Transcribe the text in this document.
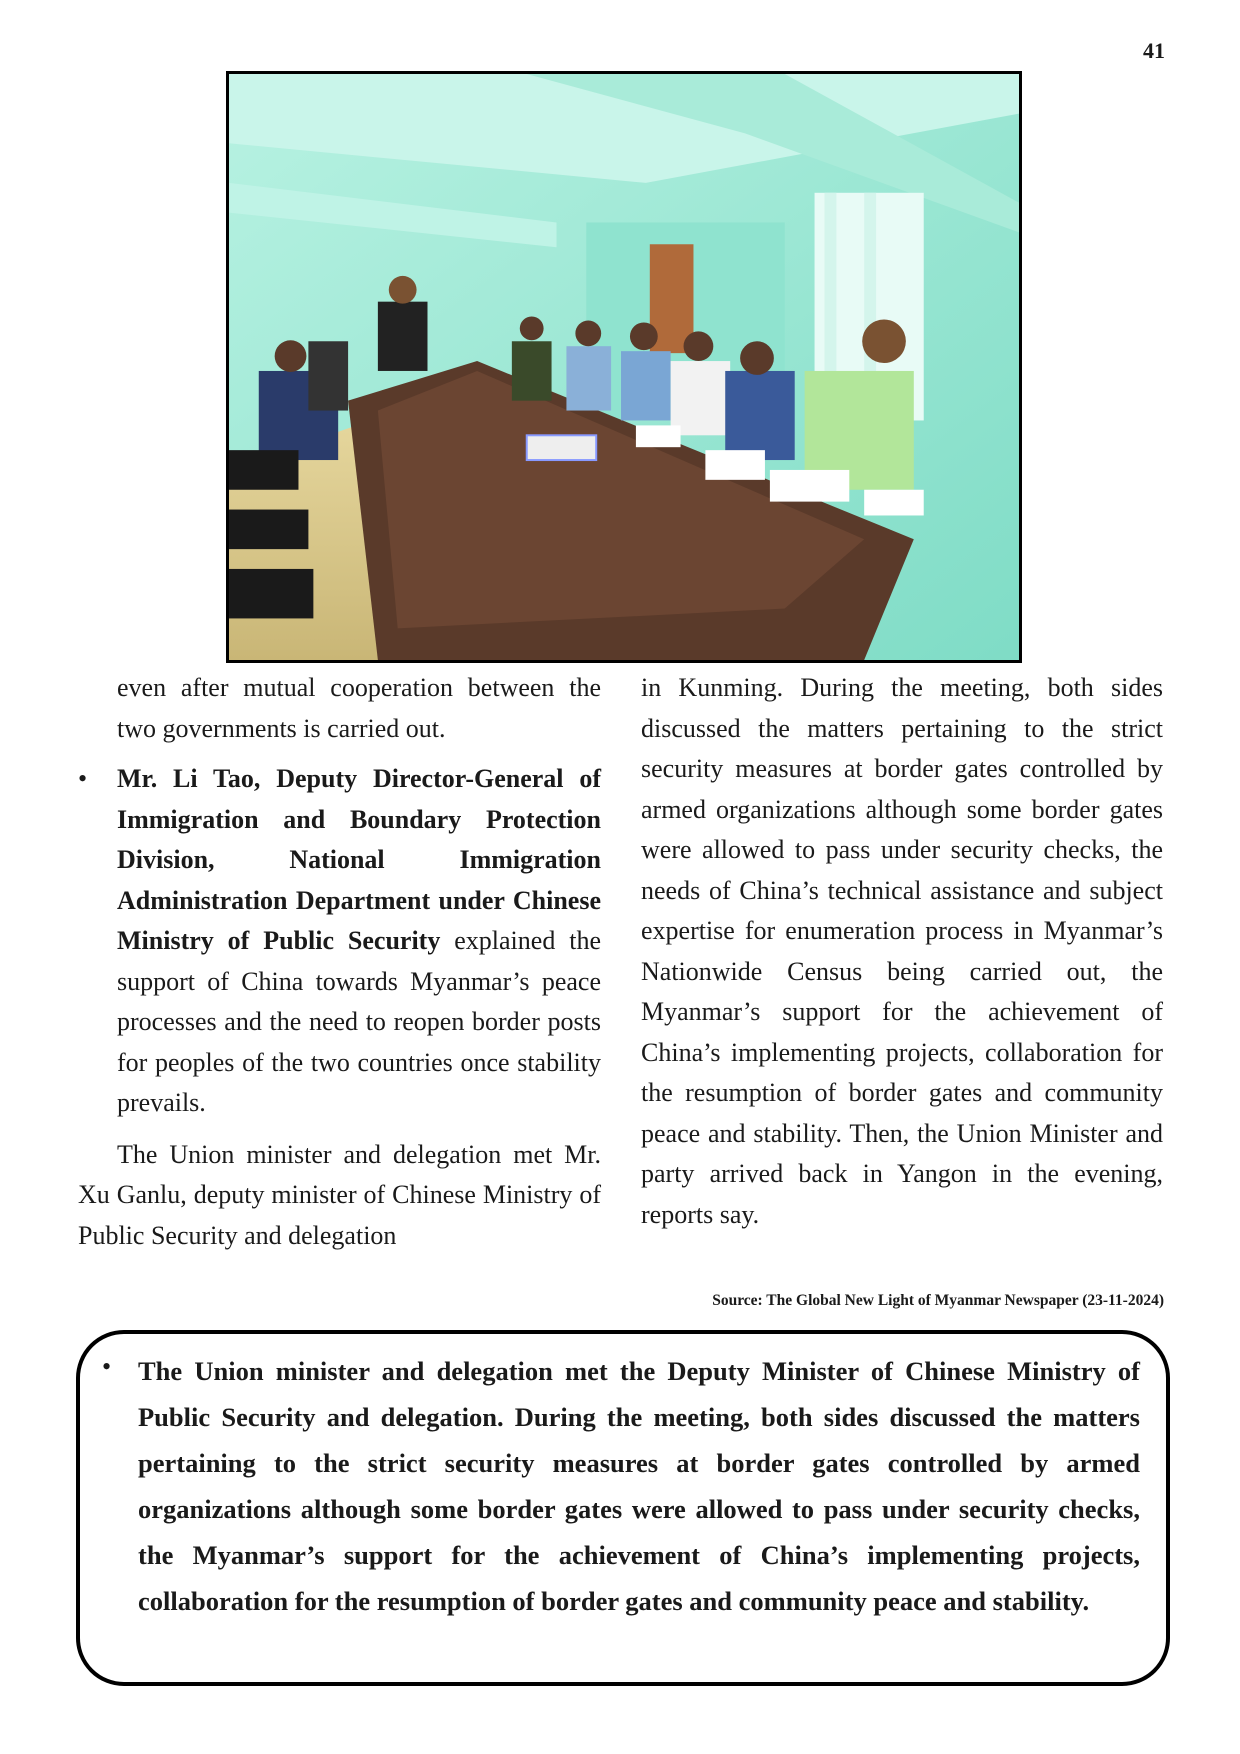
41

even after mutual cooperation between the two governments is carried out.

• Mr. Li Tao, Deputy Director-General of Immigration and Boundary Protection Division, National Immigration Administration Department under Chinese Ministry of Public Security explained the support of China towards Myanmar’s peace processes and the need to reopen border posts for peoples of the two countries once stability prevails.

The Union minister and delegation met Mr. Xu Ganlu, deputy minister of Chinese Ministry of Public Security and delegation

in Kunming. During the meeting, both sides discussed the matters pertaining to the strict security measures at border gates controlled by armed organizations although some border gates were allowed to pass under security checks, the needs of China’s technical assistance and subject expertise for enumeration process in Myanmar’s Nationwide Census being carried out, the Myanmar’s support for the achievement of China’s implementing projects, collaboration for the resumption of border gates and community peace and stability. Then, the Union Minister and party arrived back in Yangon in the evening, reports say.

Source: The Global New Light of Myanmar Newspaper (23-11-2024)
• The Union minister and delegation met the Deputy Minister of Chinese Ministry of Public Security and delegation. During the meeting, both sides discussed the matters pertaining to the strict security measures at border gates controlled by armed organizations although some border gates were allowed to pass under security checks, the Myanmar’s support for the achievement of China’s implementing projects, collaboration for the resumption of border gates and community peace and stability.
